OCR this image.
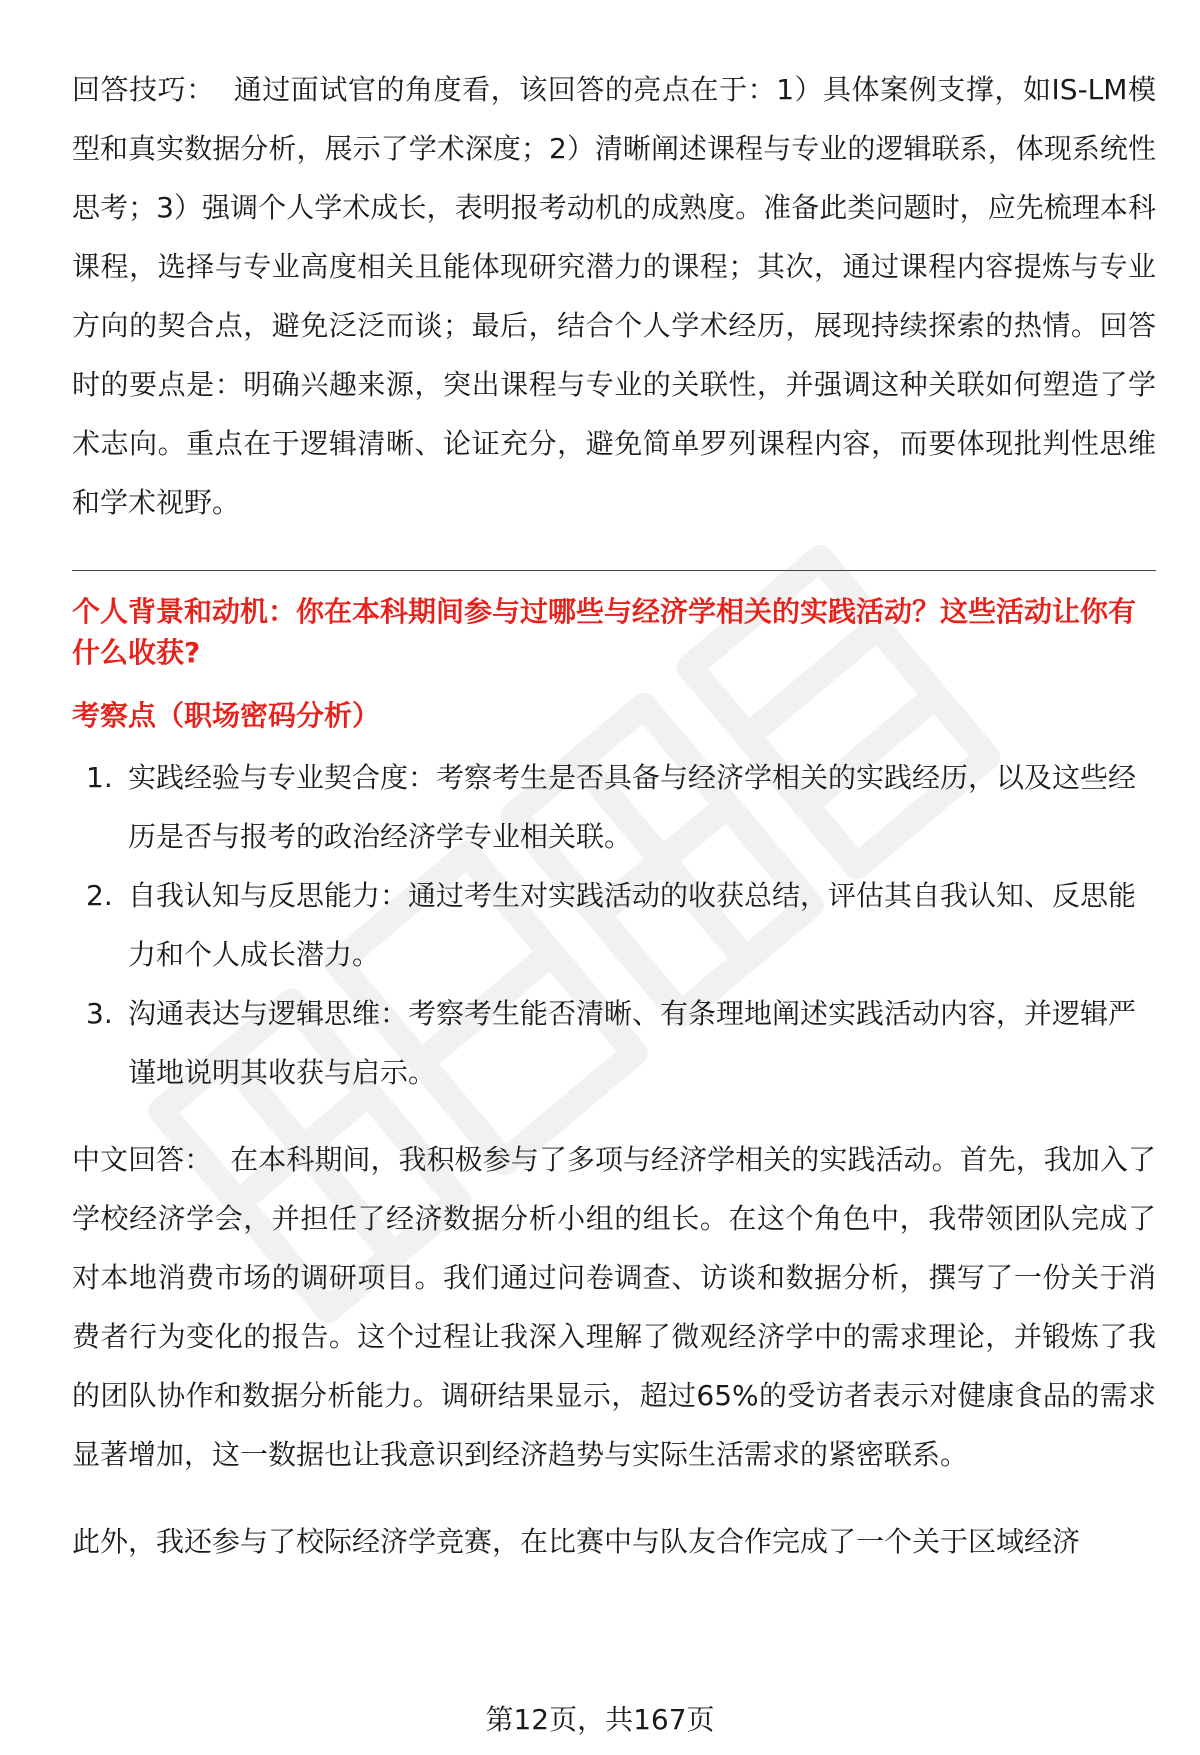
回答技巧： 通过面试官的角度看，该回答的亮点在于：1）具体案例支撑，如IS-LM模型和真实数据分析，展示了学术深度；2）清晰阐述课程与专业的逻辑联系，体现系统性思考；3）强调个人学术成长，表明报考动机的成熟度。准备此类问题时，应先梳理本科课程，选择与专业高度相关且能体现研究潜力的课程；其次，通过课程内容提炼与专业方向的契合点，避免泛泛而谈；最后，结合个人学术经历，展现持续探索的热情。回答时的要点是：明确兴趣来源，突出课程与专业的关联性，并强调这种关联如何塑造了学术志向。重点在于逻辑清晰、论证充分，避免简单罗列课程内容，而要体现批判性思维和学术视野。

个人背景和动机：你在本科期间参与过哪些与经济学相关的实践活动？这些活动让你有什么收获?

考察点（职场密码分析）

1. 实践经验与专业契合度：考察考生是否具备与经济学相关的实践经历，以及这些经历是否与报考的政治经济学专业相关联。
2. 自我认知与反思能力：通过考生对实践活动的收获总结，评估其自我认知、反思能力和个人成长潜力。
3. 沟通表达与逻辑思维：考察考生能否清晰、有条理地阐述实践活动内容，并逻辑严谨地说明其收获与启示。

中文回答： 在本科期间，我积极参与了多项与经济学相关的实践活动。首先，我加入了学校经济学会，并担任了经济数据分析小组的组长。在这个角色中，我带领团队完成了对本地消费市场的调研项目。我们通过问卷调查、访谈和数据分析，撰写了一份关于消费者行为变化的报告。这个过程让我深入理解了微观经济学中的需求理论，并锻炼了我的团队协作和数据分析能力。调研结果显示，超过65%的受访者表示对健康食品的需求显著增加，这一数据也让我意识到经济趋势与实际生活需求的紧密联系。

此外，我还参与了校际经济学竞赛，在比赛中与队友合作完成了一个关于区域经济

第12页，共167页
